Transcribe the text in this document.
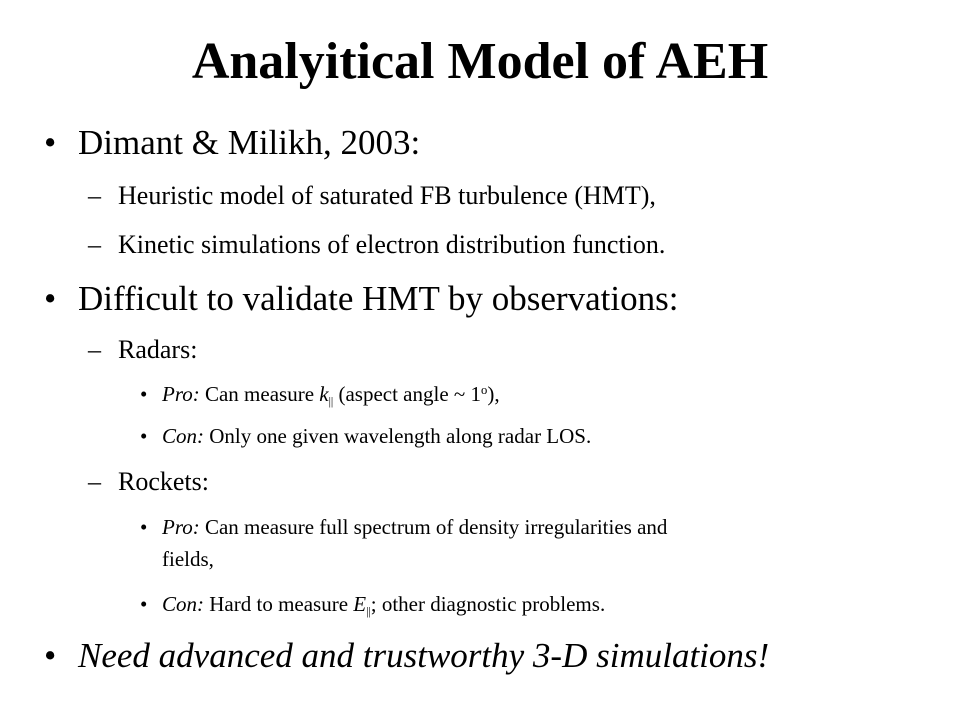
Analyitical Model of AEH
• Dimant & Milikh, 2003:
– Heuristic model of saturated FB turbulence (HMT),
– Kinetic simulations of electron distribution function.
• Difficult to validate HMT by observations:
– Radars:
• Pro: Can measure $k_{||}$ (aspect angle ~ 1$^o$),
• Con: Only one given wavelength along radar LOS.
– Rockets:
• Pro: Can measure full spectrum of density irregularities and
fields,
• Con: Hard to measure $E_{||}$; other diagnostic problems.
• Need advanced and trustworthy 3-D simulations!
